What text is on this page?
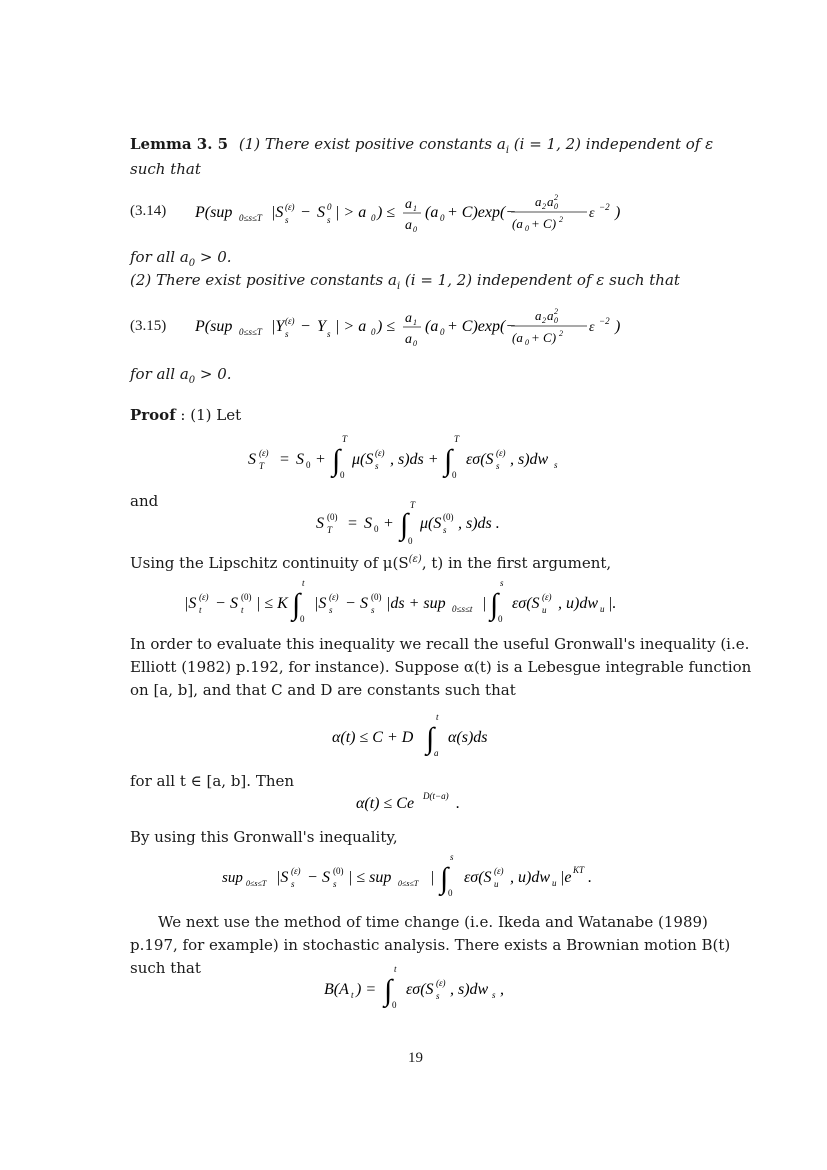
Lemma 3. 5 (1) There exist positive constants $a_i$ (i = 1, 2) independent of ε
such that
(3.14) P(sup 0≤s≤T |S (ε)
s − S 0
s | > a 0 ) ≤ a 1
a 0
(a 0 + C)exp(−
a 2 a 2
0
(a 0 + C) 2 ε −2 )
for all $a_0 > 0$.
(2) There exist positive constants $a_i$ (i = 1, 2) independent of ε such that
(3.15) P(sup 0≤s≤T |Y (ε)
s − Y s | > a 0 ) ≤ a 1
a 0
(a 0 + C)exp(−
a 2 a 2
0
(a 0 + C) 2 ε −2 )
for all $a_0 > 0$.
Proof : (1) Let
S (ε)
T = S 0 + ∫
T
0
μ(S (ε)
s , s)ds + ∫
T
0
εσ(S (ε)
s , s)dw s
and
S (0)
T = S 0 + ∫
T
0
μ(S (0)
s , s)ds .
Using the Lipschitz continuity of $\mu(S^{(\varepsilon)}$, t) in the first argument,
|S (ε)
t − S (0)
t | ≤ K ∫
t
0
|S (ε)
s − S (0)
s |ds + sup 0≤s≤t | ∫
s
0
εσ(S (ε)
u , u)dw u |.
In order to evaluate this inequality we recall the useful Gronwall's inequality (i.e.
Elliott (1982) p.192, for instance). Suppose α(t) is a Lebesgue integrable function
on [a, b], and that C and D are constants such that
α(t) ≤ C + D ∫
t
a
α(s)ds
for all t ∈ [a, b]. Then
α(t) ≤ Ce D(t−a) .
By using this Gronwall's inequality,
sup 0≤s≤T |S (ε)
s − S (0)
s | ≤ sup 0≤s≤T | ∫
s
0
εσ(S (ε)
u , u)dw u |e KT .
We next use the method of time change (i.e. Ikeda and Watanabe (1989)
p.197, for example) in stochastic analysis. There exists a Brownian motion B(t)
such that
B(A t ) = ∫
t
0
εσ(S (ε)
s , s)dw s ,
19
